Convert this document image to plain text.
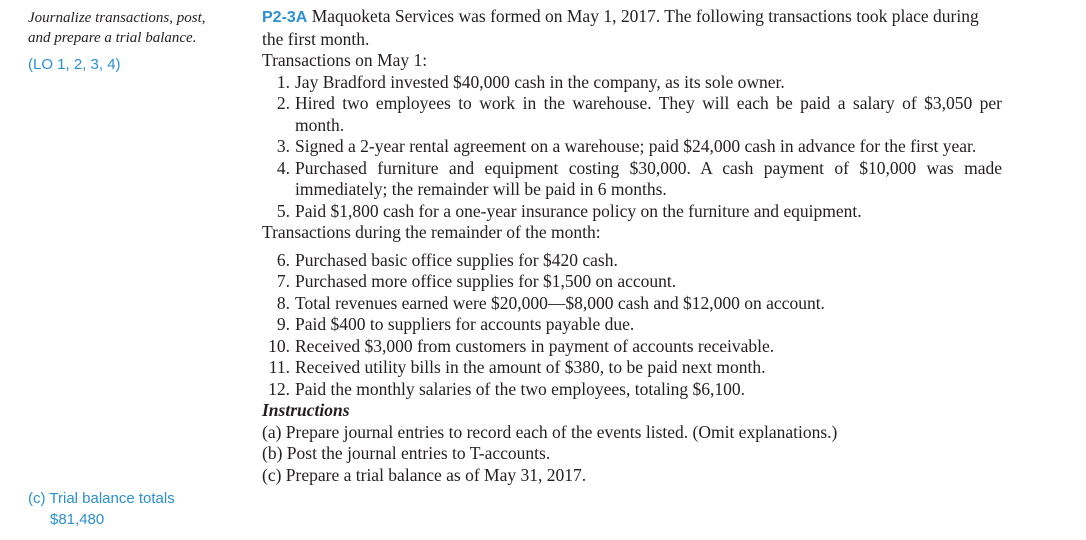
Journalize transactions, post,
and prepare a trial balance.
(LO 1, 2, 3, 4)
(c) Trial balance totals
$81,480

P2-3A Maquoketa Services was formed on May 1, 2017. The following transactions took place during the first month.

Transactions on May 1:

1. Jay Bradford invested $40,000 cash in the company, as its sole owner.
2. Hired two employees to work in the warehouse. They will each be paid a salary of $3,050 per month.
3. Signed a 2-year rental agreement on a warehouse; paid $24,000 cash in advance for the first year.
4. Purchased furniture and equipment costing $30,000. A cash payment of $10,000 was made immediately; the remainder will be paid in 6 months.
5. Paid $1,800 cash for a one-year insurance policy on the furniture and equipment.

Transactions during the remainder of the month:

6. Purchased basic office supplies for $420 cash.
7. Purchased more office supplies for $1,500 on account.
8. Total revenues earned were $20,000—$8,000 cash and $12,000 on account.
9. Paid $400 to suppliers for accounts payable due.
10. Received $3,000 from customers in payment of accounts receivable.
11. Received utility bills in the amount of $380, to be paid next month.
12. Paid the monthly salaries of the two employees, totaling $6,100.

Instructions

(a) Prepare journal entries to record each of the events listed. (Omit explanations.)

(b) Post the journal entries to T-accounts.

(c) Prepare a trial balance as of May 31, 2017.
